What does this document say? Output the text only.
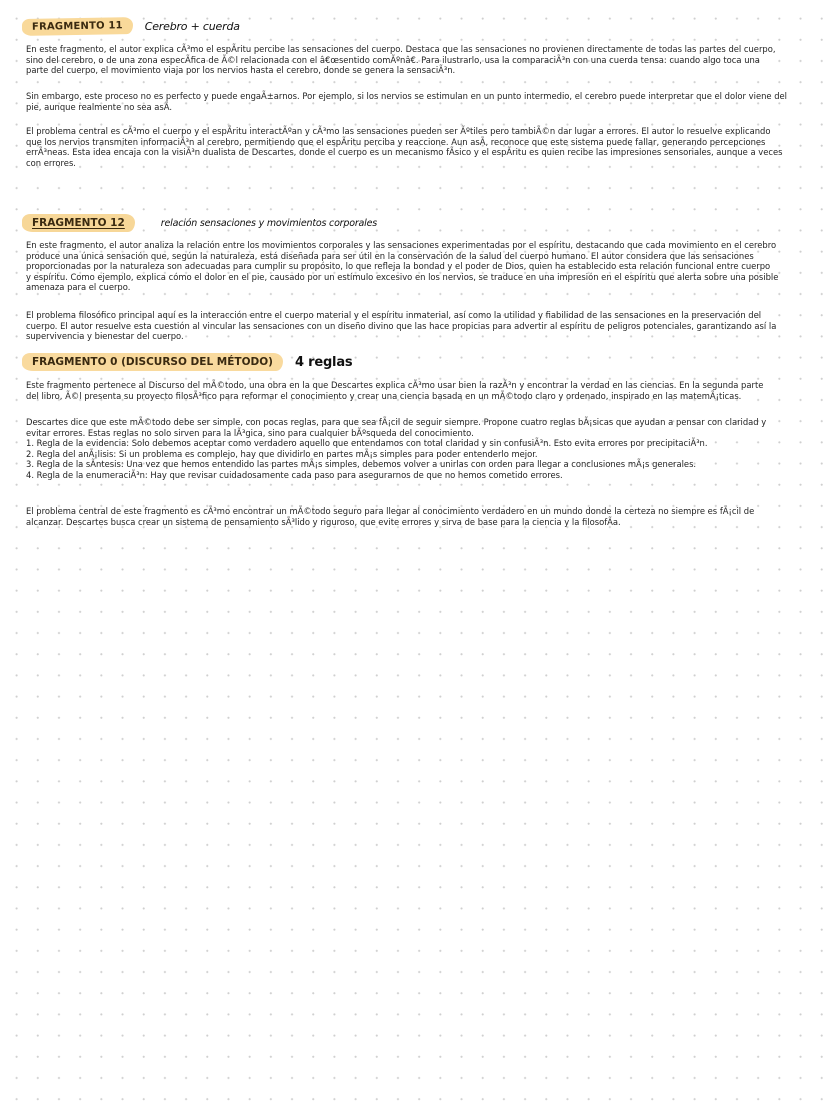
FRAGMENTO 11	Cerebro + cuerda
En este fragmento, el autor explica cÃ³mo el espÃritu percibe las sensaciones del cuerpo. Destaca que las sensaciones no provienen directamente de todas las partes del cuerpo,
sino del cerebro, o de una zona especÃfica de Ã©l relacionada con el â€œsentido comÃºnâ€. Para ilustrarlo, usa la comparaciÃ³n con una cuerda tensa: cuando algo toca una
parte del cuerpo, el movimiento viaja por los nervios hasta el cerebro, donde se genera la sensaciÃ³n.
Sin embargo, este proceso no es perfecto y puede engaÃ±arnos. Por ejemplo, si los nervios se estimulan en un punto intermedio, el cerebro puede interpretar que el dolor viene del
pie, aunque realmente no sea asÃ.
El problema central es cÃ³mo el cuerpo y el espÃritu interactÃºan y cÃ³mo las sensaciones pueden ser Ãºtiles pero tambiÃ©n dar lugar a errores. El autor lo resuelve explicando
que los nervios transmiten informaciÃ³n al cerebro, permitiendo que el espÃritu perciba y reaccione. Aun asÃ, reconoce que este sistema puede fallar, generando percepciones
errÃ³neas. Esta idea encaja con la visiÃ³n dualista de Descartes, donde el cuerpo es un mecanismo fÃsico y el espÃritu es quien recibe las impresiones sensoriales, aunque a veces
con errores.
FRAGMENTO 12	relación sensaciones y movimientos corporales
En este fragmento, el autor analiza la relación entre los movimientos corporales y las sensaciones experimentadas por el espíritu, destacando que cada movimiento en el cerebro
produce una única sensación que, según la naturaleza, está diseñada para ser útil en la conservación de la salud del cuerpo humano. El autor considera que las sensaciones
proporcionadas por la naturaleza son adecuadas para cumplir su propósito, lo que refleja la bondad y el poder de Dios, quien ha establecido esta relación funcional entre cuerpo
y espíritu. Como ejemplo, explica cómo el dolor en el pie, causado por un estímulo excesivo en los nervios, se traduce en una impresión en el espíritu que alerta sobre una posible
amenaza para el cuerpo.
El problema filosófico principal aquí es la interacción entre el cuerpo material y el espíritu inmaterial, así como la utilidad y fiabilidad de las sensaciones en la preservación del
cuerpo. El autor resuelve esta cuestión al vincular las sensaciones con un diseño divino que las hace propicias para advertir al espíritu de peligros potenciales, garantizando así la
supervivencia y bienestar del cuerpo.
FRAGMENTO 0 (DISCURSO DEL MÉTODO)	4 reglas
Este fragmento pertenece al Discurso del mÃ©todo, una obra en la que Descartes explica cÃ³mo usar bien la razÃ³n y encontrar la verdad en las ciencias. En la segunda parte
del libro, Ã©l presenta su proyecto filosÃ³fico para reformar el conocimiento y crear una ciencia basada en un mÃ©todo claro y ordenado, inspirado en las matemÃ¡ticas.
Descartes dice que este mÃ©todo debe ser simple, con pocas reglas, para que sea fÃ¡cil de seguir siempre. Propone cuatro reglas bÃ¡sicas que ayudan a pensar con claridad y
evitar errores. Estas reglas no solo sirven para la lÃ³gica, sino para cualquier bÃºsqueda del conocimiento.
1. Regla de la evidencia: Solo debemos aceptar como verdadero aquello que entendamos con total claridad y sin confusiÃ³n. Esto evita errores por precipitaciÃ³n.
2. Regla del anÃ¡lisis: Si un problema es complejo, hay que dividirlo en partes mÃ¡s simples para poder entenderlo mejor.
3. Regla de la sÃntesis: Una vez que hemos entendido las partes mÃ¡s simples, debemos volver a unirlas con orden para llegar a conclusiones mÃ¡s generales.
4. Regla de la enumeraciÃ³n: Hay que revisar cuidadosamente cada paso para asegurarnos de que no hemos cometido errores.
El problema central de este fragmento es cÃ³mo encontrar un mÃ©todo seguro para llegar al conocimiento verdadero en un mundo donde la certeza no siempre es fÃ¡cil de
alcanzar. Descartes busca crear un sistema de pensamiento sÃ³lido y riguroso, que evite errores y sirva de base para la ciencia y la filosofÃa.
